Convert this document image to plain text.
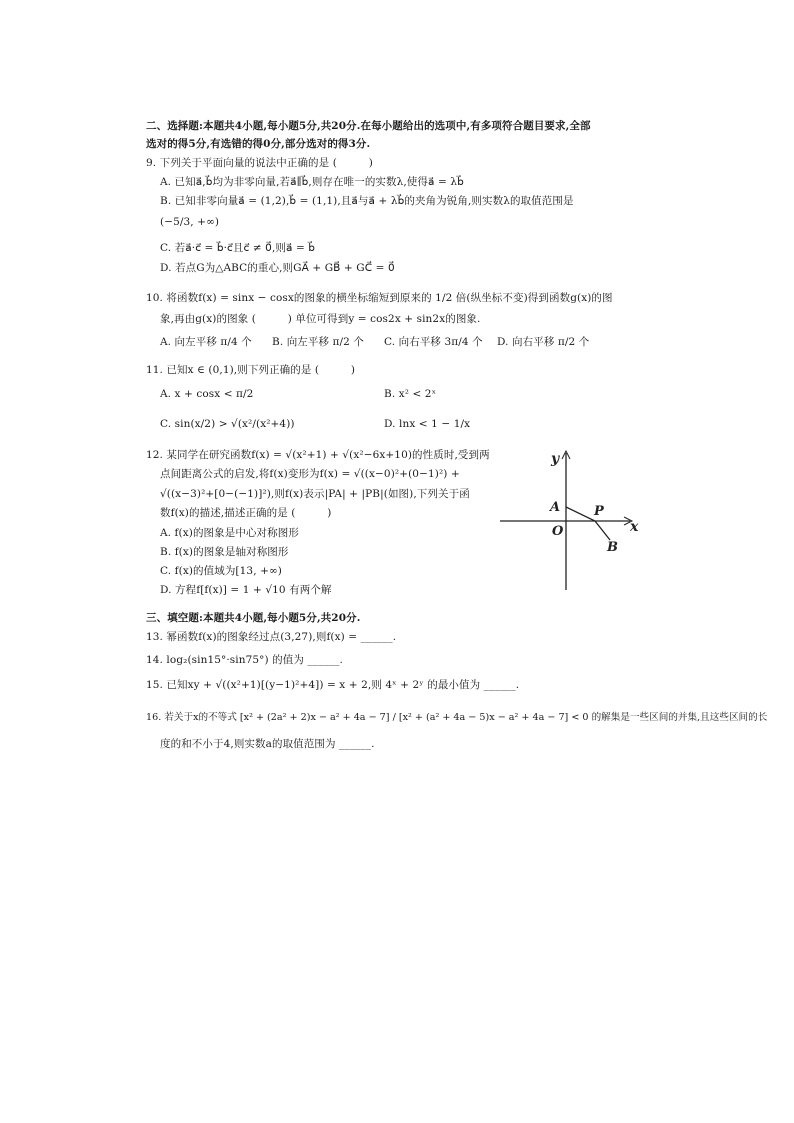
二、选择题:本题共4小题,每小题5分,共20分.在每小题给出的选项中,有多项符合题目要求,全部
选对的得5分,有选错的得0分,部分选对的得3分.
9. 下列关于平面向量的说法中正确的是 (　　　)
A. 已知a⃗,b⃗均为非零向量,若a⃗∥b⃗,则存在唯一的实数λ,使得a⃗ = λb⃗
B. 已知非零向量a⃗ = (1,2),b⃗ = (1,1),且a⃗与a⃗ + λb⃗的夹角为锐角,则实数λ的取值范围是
(−5/3, +∞)
C. 若a⃗·c⃗ = b⃗·c⃗且c⃗ ≠ 0⃗,则a⃗ = b⃗
D. 若点G为△ABC的重心,则GA⃗ + GB⃗ + GC⃗ = 0⃗
10. 将函数f(x) = sinx − cosx的图象的横坐标缩短到原来的 1/2 倍(纵坐标不变)得到函数g(x)的图
象,再由g(x)的图象 (　　　) 单位可得到y = cos2x + sin2x的图象.
A. 向左平移 π/4 个 B. 向左平移 π/2 个 C. 向右平移 3π/4 个 D. 向右平移 π/2 个
11. 已知x ∈ (0,1),则下列正确的是 (　　　)
A. x + cosx < π/2	B. x² < 2ˣ
C. sin(x/2) > √(x²/(x²+4))	D. lnx < 1 − 1/x
12. 某同学在研究函数f(x) = √(x²+1) + √(x²−6x+10)的性质时,受到两
点间距离公式的启发,将f(x)变形为f(x) = √((x−0)²+(0−1)²) +
√((x−3)²+[0−(−1)]²),则f(x)表示|PA| + |PB|(如图),下列关于函
数f(x)的描述,描述正确的是 (　　　)
A. f(x)的图象是中心对称图形
B. f(x)的图象是轴对称图形
C. f(x)的值域为[13, +∞)
D. 方程f[f(x)] = 1 + √10 有两个解
y
x
A	P
O
B
三、填空题:本题共4小题,每小题5分,共20分.
13. 幂函数f(x)的图象经过点(3,27),则f(x) = ______.
14. log₂(sin15°·sin75°) 的值为 ______.
15. 已知xy + √((x²+1)[(y−1)²+4]) = x + 2,则 4ˣ + 2ʸ 的最小值为 ______.
16. 若关于x的不等式 [x² + (2a² + 2)x − a² + 4a − 7] / [x² + (a² + 4a − 5)x − a² + 4a − 7] < 0 的解集是一些区间的并集,且这些区间的长
度的和不小于4,则实数a的取值范围为 ______.
